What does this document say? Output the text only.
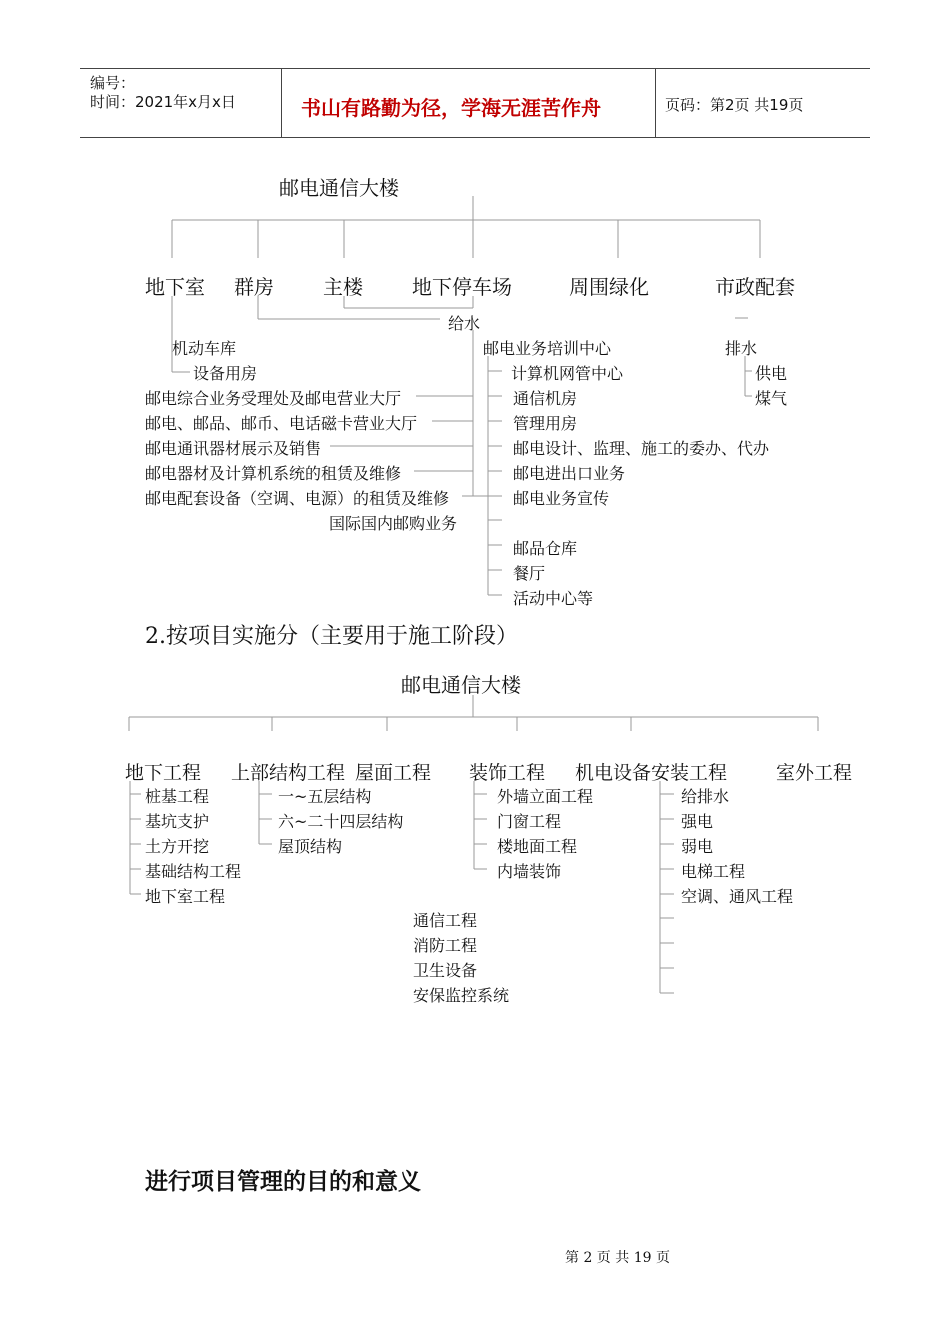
编号：
时间：2021年x月x日	书山有路勤为径，学海无涯苦作舟	页码：第2页 共19页
邮电通信大楼
地下室 群房 主楼 地下停车场	周围绿化	市政配套
给水
机动车库
设备用房
邮电综合业务受理处及邮电营业大厅
邮电、邮品、邮币、电话磁卡营业大厅
邮电通讯器材展示及销售
邮电器材及计算机系统的租赁及维修
邮电配套设备（空调、电源）的租赁及维修
国际国内邮购业务
邮电业务培训中心
计算机网管中心
通信机房
管理用房
邮电设计、监理、施工的委办、代办
邮电进出口业务
邮电业务宣传
邮品仓库
餐厅
活动中心等
排水
供电
煤气
2.按项目实施分（主要用于施工阶段）
邮电通信大楼
地下工程 上部结构工程 屋面工程 装饰工程 机电设备安装工程	室外工程
桩基工程
基坑支护
土方开挖
基础结构工程
地下室工程
一~五层结构
六~二十四层结构
屋顶结构
外墙立面工程
门窗工程
楼地面工程
内墙装饰
给排水
强电
弱电
电梯工程
空调、通风工程
通信工程
消防工程
卫生设备
安保监控系统
进行项目管理的目的和意义
第 2 页 共 19 页
